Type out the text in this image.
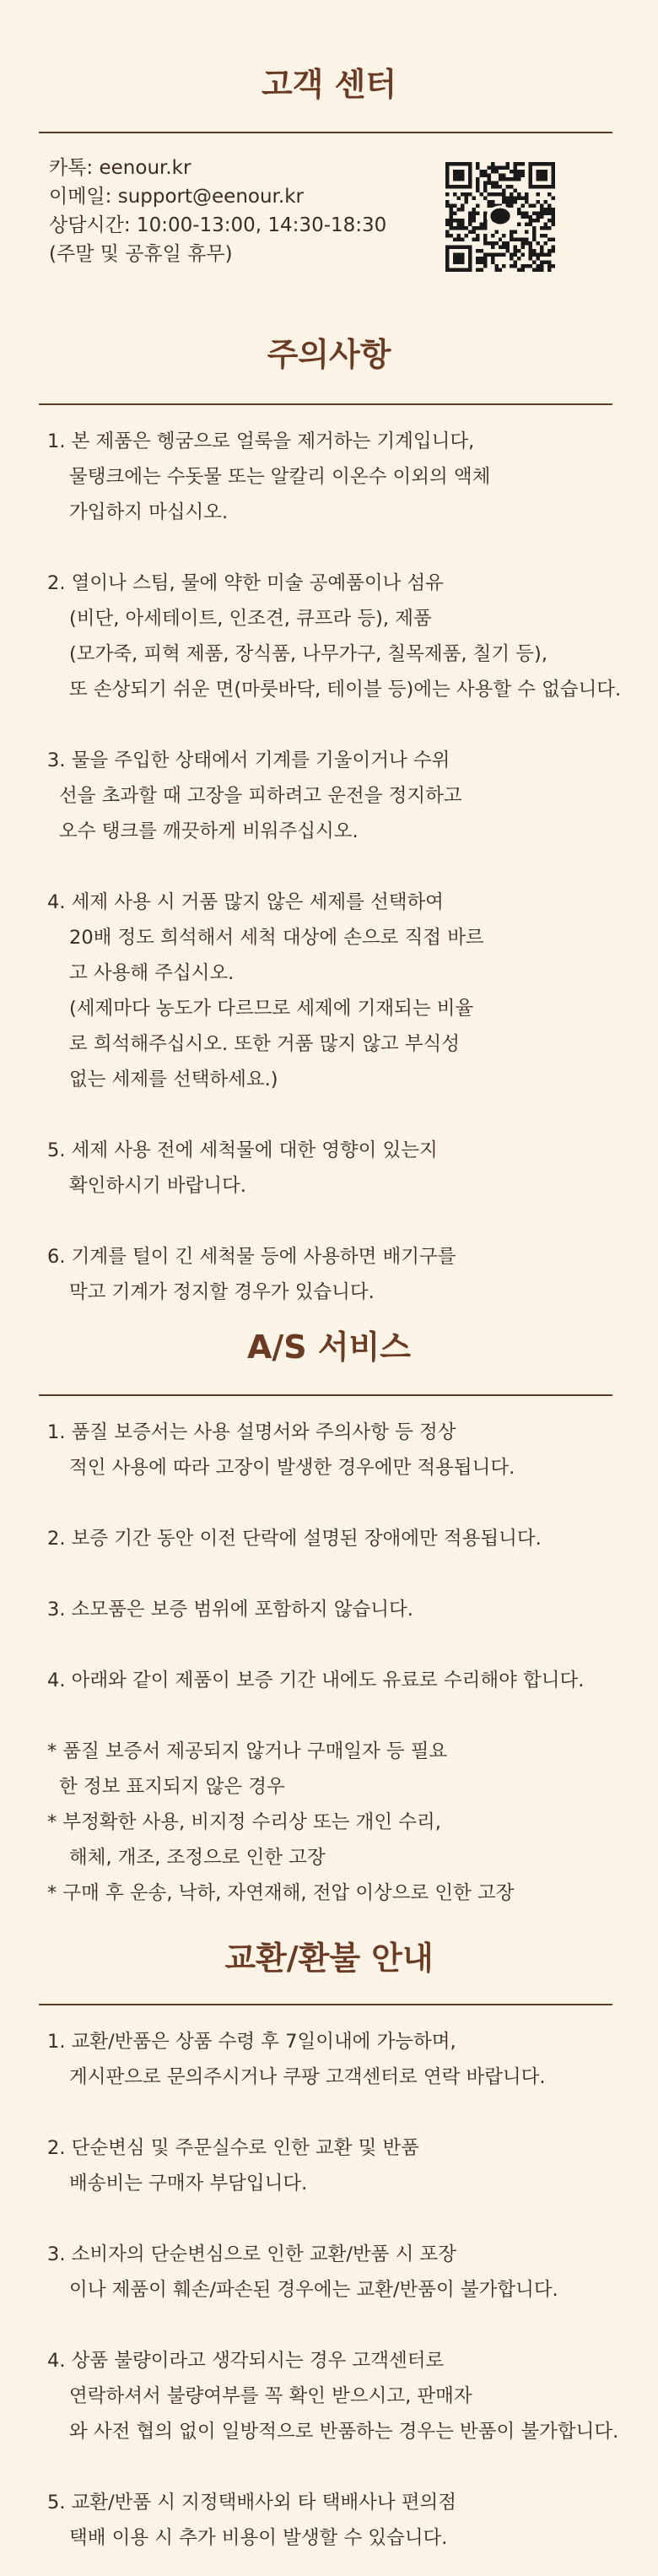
고객 센터
카톡: eenour.kr
이메일: support@eenour.kr
상담시간: 10:00-13:00, 14:30-18:30
(주말 및 공휴일 휴무)
주의사항
1. 본 제품은 헹굼으로 얼룩을 제거하는 기계입니다,
물탱크에는 수돗물 또는 알칼리 이온수 이외의 액체
가입하지 마십시오.
2. 열이나 스팀, 물에 약한 미술 공예품이나 섬유
(비단, 아세테이트, 인조견, 큐프라 등), 제품
(모가죽, 피혁 제품, 장식품, 나무가구, 칠목제품, 칠기 등),
또 손상되기 쉬운 면(마룻바닥, 테이블 등)에는 사용할 수 없습니다.
3. 물을 주입한 상태에서 기계를 기울이거나 수위
선을 초과할 때 고장을 피하려고 운전을 정지하고
오수 탱크를 깨끗하게 비워주십시오.
4. 세제 사용 시 거품 많지 않은 세제를 선택하여
20배 정도 희석해서 세척 대상에 손으로 직접 바르
고 사용해 주십시오.
(세제마다 농도가 다르므로 세제에 기재되는 비율
로 희석해주십시오. 또한 거품 많지 않고 부식성
없는 세제를 선택하세요.)
5. 세제 사용 전에 세척물에 대한 영향이 있는지
확인하시기 바랍니다.
6. 기계를 털이 긴 세척물 등에 사용하면 배기구를
막고 기계가 정지할 경우가 있습니다.
A/S 서비스
1. 품질 보증서는 사용 설명서와 주의사항 등 정상
적인 사용에 따라 고장이 발생한 경우에만 적용됩니다.
2. 보증 기간 동안 이전 단락에 설명된 장애에만 적용됩니다.
3. 소모품은 보증 범위에 포함하지 않습니다.
4. 아래와 같이 제품이 보증 기간 내에도 유료로 수리해야 합니다.
* 품질 보증서 제공되지 않거나 구매일자 등 필요
한 정보 표지되지 않은 경우
* 부정확한 사용, 비지정 수리상 또는 개인 수리,
해체, 개조, 조정으로 인한 고장
* 구매 후 운송, 낙하, 자연재해, 전압 이상으로 인한 고장
교환/환불 안내
1. 교환/반품은 상품 수령 후 7일이내에 가능하며,
게시판으로 문의주시거나 쿠팡 고객센터로 연락 바랍니다.
2. 단순변심 및 주문실수로 인한 교환 및 반품
배송비는 구매자 부담입니다.
3. 소비자의 단순변심으로 인한 교환/반품 시 포장
이나 제품이 훼손/파손된 경우에는 교환/반품이 불가합니다.
4. 상품 불량이라고 생각되시는 경우 고객센터로
연락하셔서 불량여부를 꼭 확인 받으시고, 판매자
와 사전 협의 없이 일방적으로 반품하는 경우는 반품이 불가합니다.
5. 교환/반품 시 지정택배사외 타 택배사나 편의점
택배 이용 시 추가 비용이 발생할 수 있습니다.
